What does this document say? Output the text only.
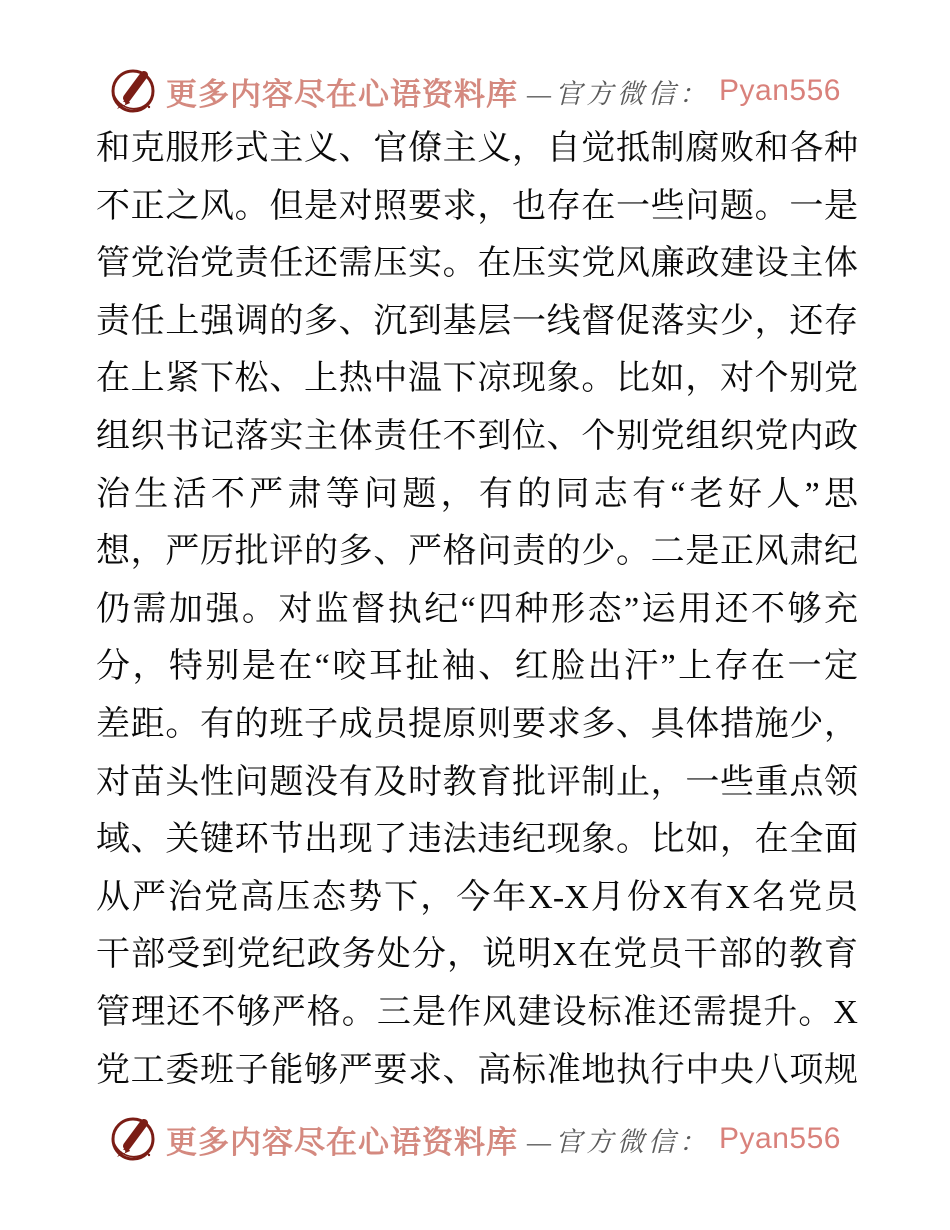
更多内容尽在心语资料库 —官方微信： Pyan556
和克服形式主义、官僚主义，自觉抵制腐败和各种
不正之风。但是对照要求，也存在一些问题。一是
管党治党责任还需压实。在压实党风廉政建设主体
责任上强调的多、沉到基层一线督促落实少，还存
在上紧下松、上热中温下凉现象。比如，对个别党
组织书记落实主体责任不到位、个别党组织党内政
治生活不严肃等问题，有的同志有“老好人”思
想，严厉批评的多、严格问责的少。二是正风肃纪
仍需加强。对监督执纪“四种形态”运用还不够充
分，特别是在“咬耳扯袖、红脸出汗”上存在一定
差距。有的班子成员提原则要求多、具体措施少，
对苗头性问题没有及时教育批评制止，一些重点领
域、关键环节出现了违法违纪现象。比如，在全面
从严治党高压态势下，今年X-X月份X有X名党员
干部受到党纪政务处分，说明X在党员干部的教育
管理还不够严格。三是作风建设标准还需提升。X
党工委班子能够严要求、高标准地执行中央八项规
更多内容尽在心语资料库 —官方微信： Pyan556
